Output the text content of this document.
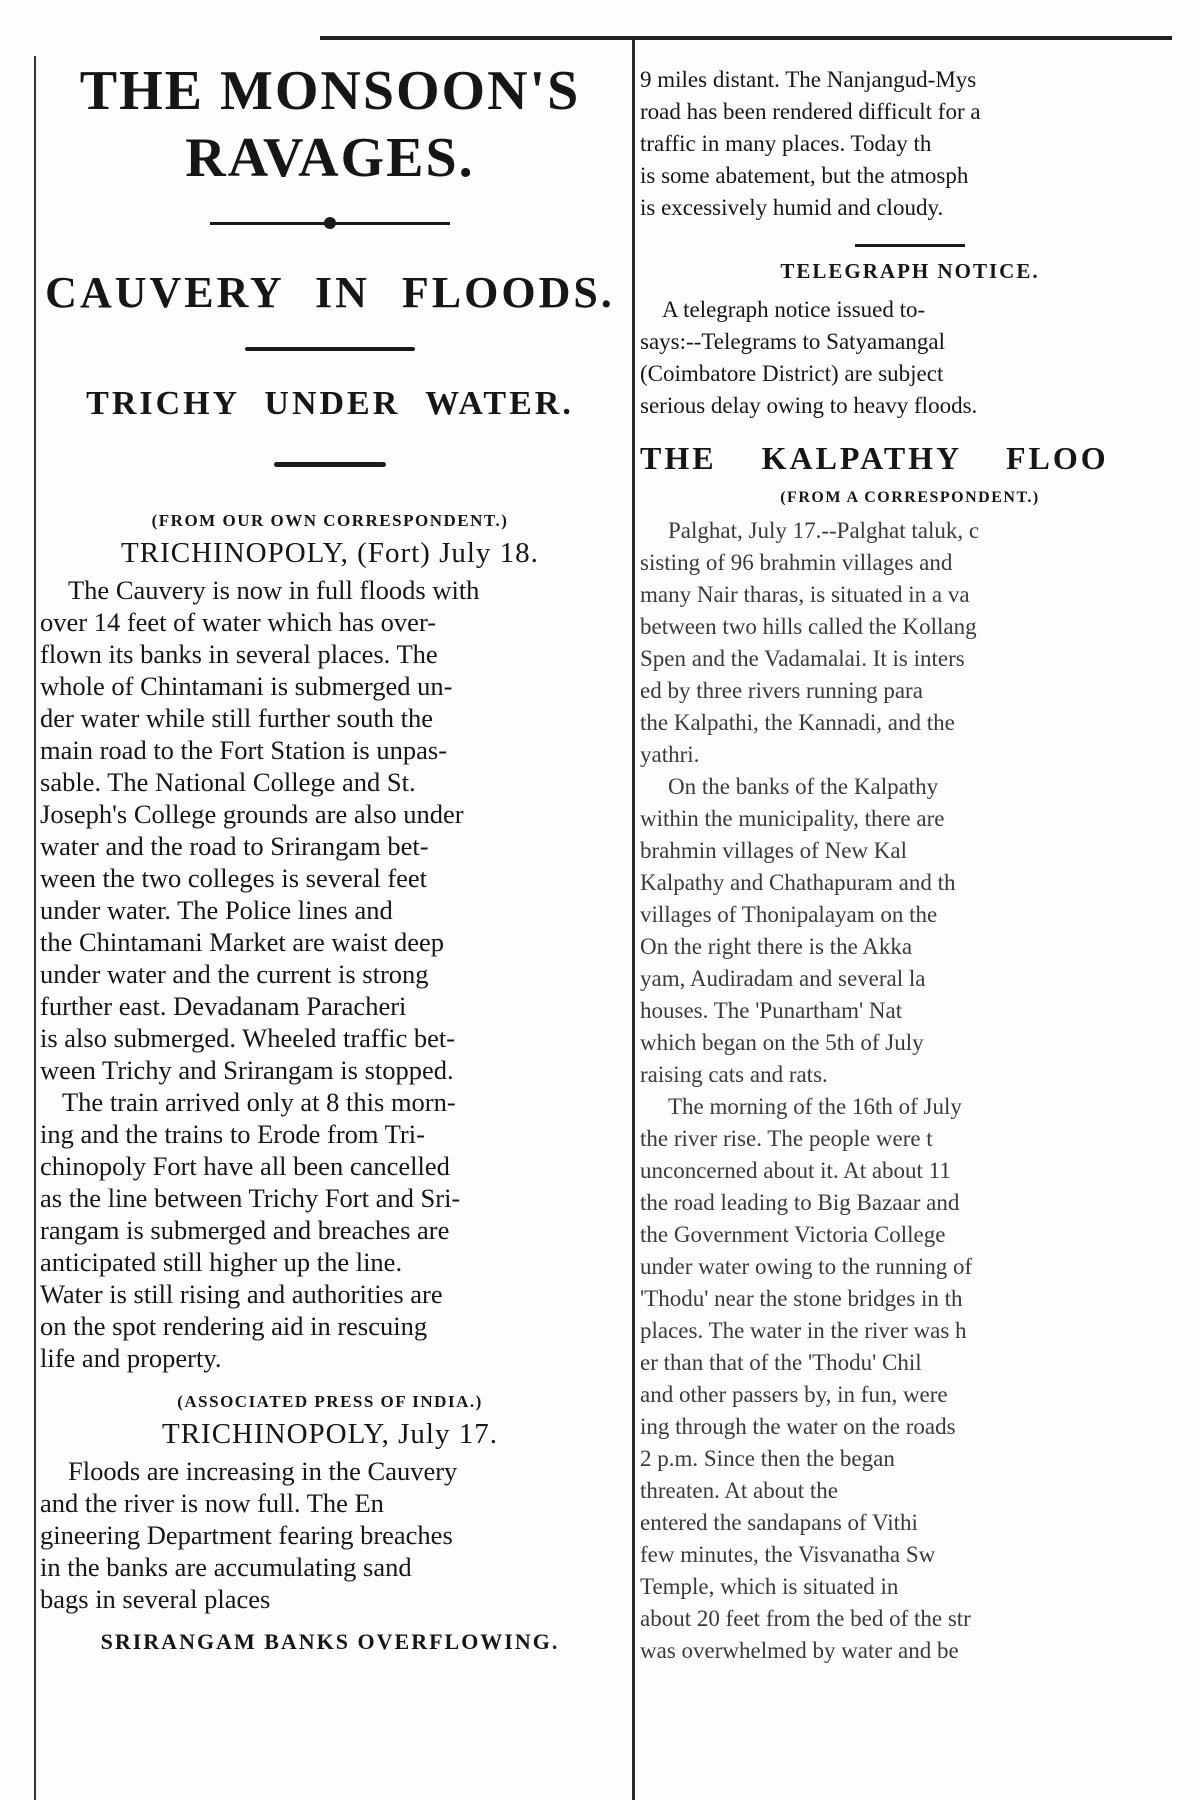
THE MONSOON'S
RAVAGES.
CAUVERY IN FLOODS.
TRICHY UNDER WATER.
(FROM OUR OWN CORRESPONDENT.)
TRICHINOPOLY, (Fort) July 18.
The Cauvery is now in full floods with
over 14 feet of water which has over-
flown its banks in several places. The
whole of Chintamani is submerged un-
der water while still further south the
main road to the Fort Station is unpas-
sable. The National College and St.
Joseph's College grounds are also under
water and the road to Srirangam bet-
ween the two colleges is several feet
under water. The Police lines and
the Chintamani Market are waist deep
under water and the current is strong
further east. Devadanam Paracheri
is also submerged. Wheeled traffic bet-
ween Trichy and Srirangam is stopped.
The train arrived only at 8 this morn-
ing and the trains to Erode from Tri-
chinopoly Fort have all been cancelled
as the line between Trichy Fort and Sri-
rangam is submerged and breaches are
anticipated still higher up the line.
Water is still rising and authorities are
on the spot rendering aid in rescuing
life and property.
(ASSOCIATED PRESS OF INDIA.)
TRICHINOPOLY, July 17.
Floods are increasing in the Cauvery
and the river is now full. The En
gineering Department fearing breaches
in the banks are accumulating sand
bags in several places
SRIRANGAM BANKS OVERFLOWING.
9 miles distant. The Nanjangud-Mys
road has been rendered difficult for a
traffic in many places. Today th
is some abatement, but the atmosph
is excessively humid and cloudy.
TELEGRAPH NOTICE.
A telegraph notice issued to-
says:--Telegrams to Satyamangal
(Coimbatore District) are subject
serious delay owing to heavy floods.
THE KALPATHY FLOO
(FROM A CORRESPONDENT.)
Palghat, July 17.--Palghat taluk, c
sisting of 96 brahmin villages and
many Nair tharas, is situated in a va
between two hills called the Kollang
Spen and the Vadamalai. It is inters
ed by three rivers running para
the Kalpathi, the Kannadi, and the
yathri.
On the banks of the Kalpathy
within the municipality, there are
brahmin villages of New Kal
Kalpathy and Chathapuram and th
villages of Thonipalayam on the
On the right there is the Akka
yam, Audiradam and several la
houses. The 'Punartham' Nat
which began on the 5th of July
raising cats and rats.
The morning of the 16th of July
the river rise. The people were t
unconcerned about it. At about 11
the road leading to Big Bazaar and
the Government Victoria College
under water owing to the running of
'Thodu' near the stone bridges in th
places. The water in the river was h
er than that of the 'Thodu' Chil
and other passers by, in fun, were
ing through the water on the roads
2 p.m. Since then the began
threaten. At about the
entered the sandapans of Vithi
few minutes, the Visvanatha Sw
Temple, which is situated in
about 20 feet from the bed of the str
was overwhelmed by water and be
